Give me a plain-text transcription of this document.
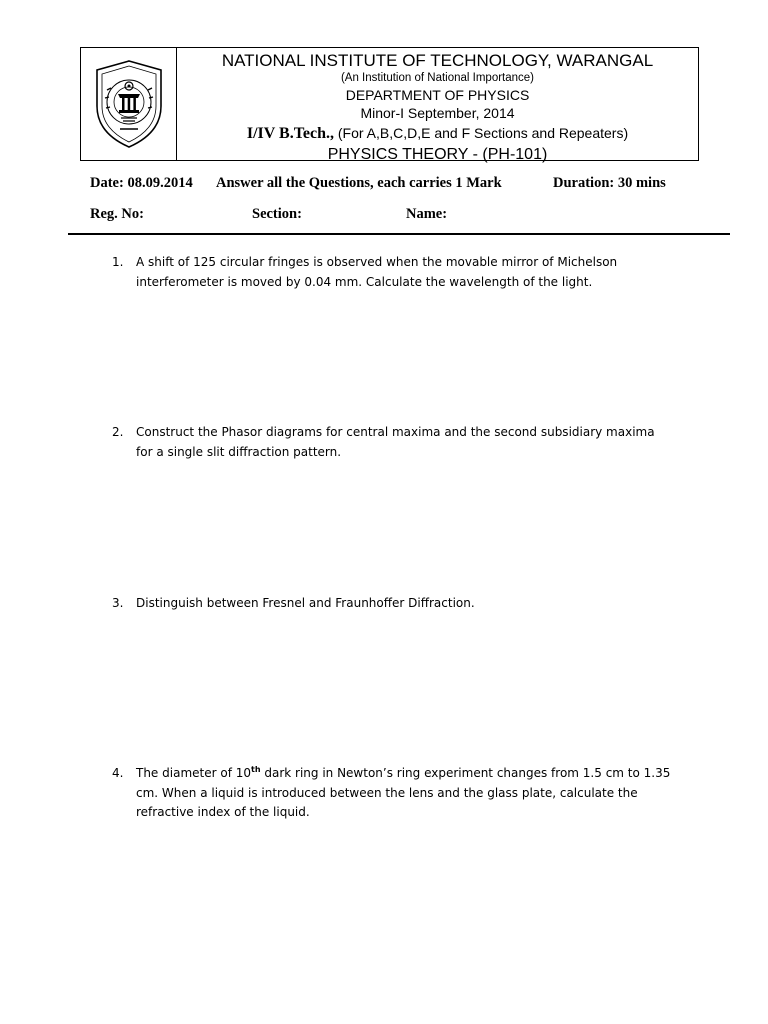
NATIONAL INSTITUTE OF TECHNOLOGY, WARANGAL
(An Institution of National Importance)
DEPARTMENT OF PHYSICS
Minor-I September, 2014
I/IV B.Tech., (For A,B,C,D,E and F Sections and Repeaters)
PHYSICS THEORY - (PH-101)
Date: 08.09.2014 Answer all the Questions, each carries 1 Mark	Duration: 30 mins
Reg. No:	Section:	Name:
1.	A shift of 125 circular fringes is observed when the movable mirror of Michelson interferometer is moved by 0.04 mm. Calculate the wavelength of the light.
2.	Construct the Phasor diagrams for central maxima and the second subsidiary maxima for a single slit diffraction pattern.
3.	Distinguish between Fresnel and Fraunhoffer Diffraction.
4.	The diameter of 10th dark ring in Newton’s ring experiment changes from 1.5 cm to 1.35 cm. When a liquid is introduced between the lens and the glass plate, calculate the refractive index of the liquid.
